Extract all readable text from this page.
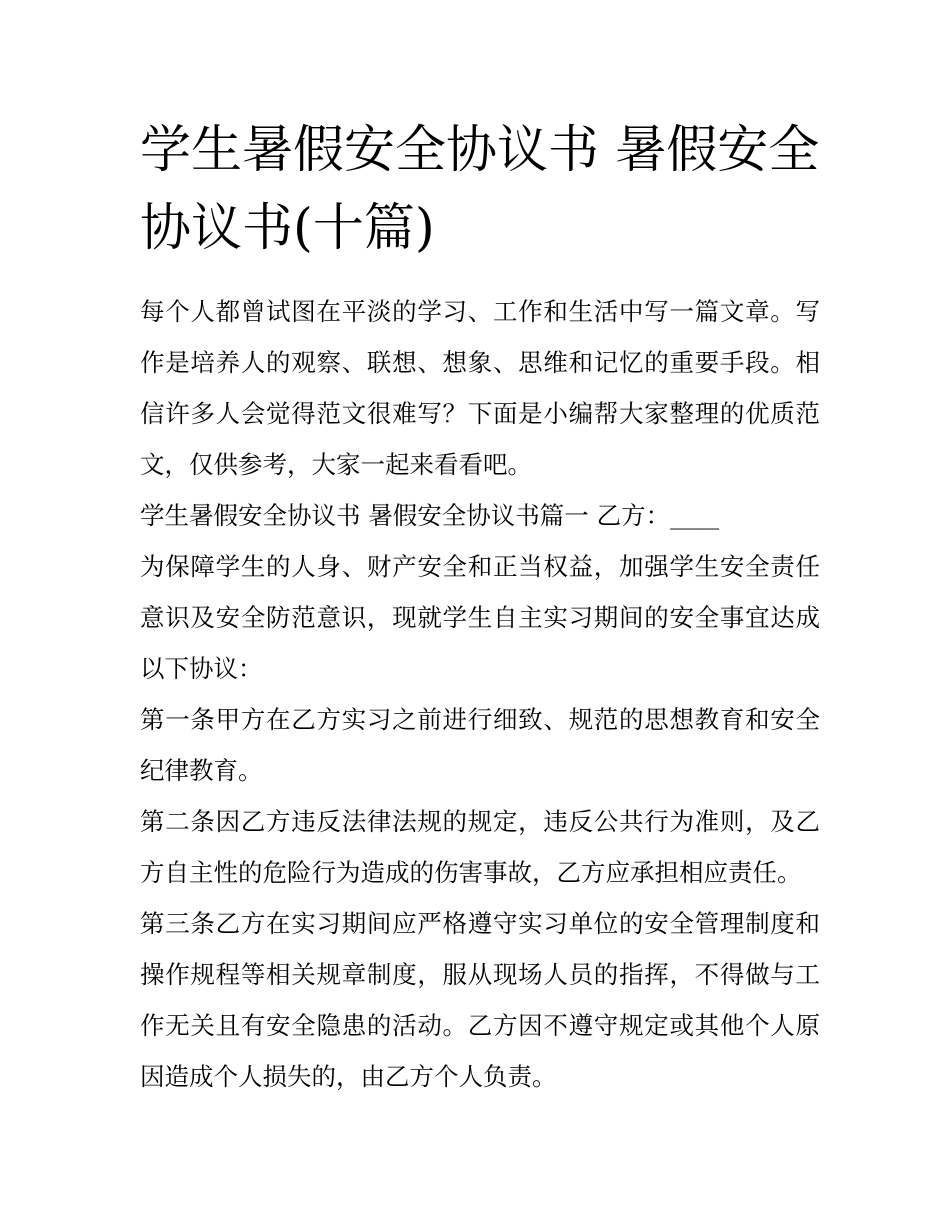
学生暑假安全协议书 暑假安全协议书(十篇)

每个人都曾试图在平淡的学习、工作和生活中写一篇文章。写作是培养人的观察、联想、想象、思维和记忆的重要手段。相信许多人会觉得范文很难写？下面是小编帮大家整理的优质范文，仅供参考，大家一起来看看吧。

学生暑假安全协议书 暑假安全协议书篇一 乙方：____

为保障学生的人身、财产安全和正当权益，加强学生安全责任意识及安全防范意识，现就学生自主实习期间的安全事宜达成以下协议：

第一条甲方在乙方实习之前进行细致、规范的思想教育和安全纪律教育。

第二条因乙方违反法律法规的规定，违反公共行为准则，及乙方自主性的危险行为造成的伤害事故，乙方应承担相应责任。

第三条乙方在实习期间应严格遵守实习单位的安全管理制度和操作规程等相关规章制度，服从现场人员的指挥，不得做与工作无关且有安全隐患的活动。乙方因不遵守规定或其他个人原因造成个人损失的，由乙方个人负责。
